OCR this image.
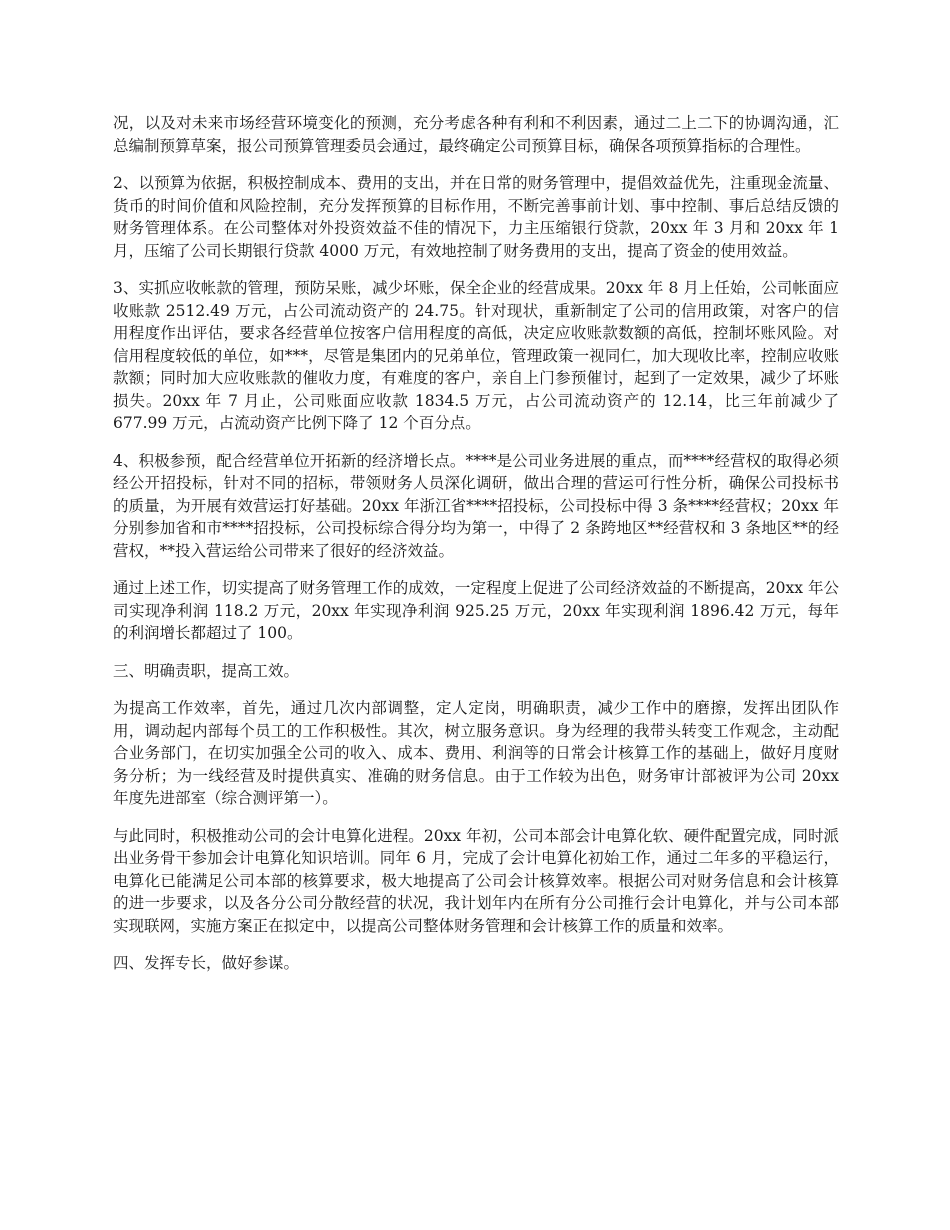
况，以及对未来市场经营环境变化的预测，充分考虑各种有利和不利因素，通过二上二下的协调沟通，汇总编制预算草案，报公司预算管理委员会通过，最终确定公司预算目标，确保各项预算指标的合理性。

2、以预算为依据，积极控制成本、费用的支出，并在日常的财务管理中，提倡效益优先，注重现金流量、货币的时间价值和风险控制，充分发挥预算的目标作用，不断完善事前计划、事中控制、事后总结反馈的财务管理体系。在公司整体对外投资效益不佳的情况下，力主压缩银行贷款，20xx 年 3 月和 20xx 年 1 月，压缩了公司长期银行贷款 4000 万元，有效地控制了财务费用的支出，提高了资金的使用效益。

3、实抓应收帐款的管理，预防呆账，减少坏账，保全企业的经营成果。20xx 年 8 月上任始，公司帐面应收账款 2512.49 万元，占公司流动资产的 24.75。针对现状，重新制定了公司的信用政策，对客户的信用程度作出评估，要求各经营单位按客户信用程度的高低，决定应收账款数额的高低，控制坏账风险。对信用程度较低的单位，如***，尽管是集团内的兄弟单位，管理政策一视同仁，加大现收比率，控制应收账款额；同时加大应收账款的催收力度，有难度的客户，亲自上门参预催讨，起到了一定效果，减少了坏账损失。20xx 年 7 月止，公司账面应收款 1834.5 万元，占公司流动资产的 12.14，比三年前减少了 677.99 万元，占流动资产比例下降了 12 个百分点。

4、积极参预，配合经营单位开拓新的经济增长点。****是公司业务进展的重点，而****经营权的取得必须经公开招投标，针对不同的招标，带领财务人员深化调研，做出合理的营运可行性分析，确保公司投标书的质量，为开展有效营运打好基础。20xx 年浙江省****招投标，公司投标中得 3 条****经营权；20xx 年分别参加省和市****招投标，公司投标综合得分均为第一，中得了 2 条跨地区**经营权和 3 条地区**的经营权，**投入营运给公司带来了很好的经济效益。

通过上述工作，切实提高了财务管理工作的成效，一定程度上促进了公司经济效益的不断提高，20xx 年公司实现净利润 118.2 万元，20xx 年实现净利润 925.25 万元，20xx 年实现利润 1896.42 万元，每年的利润增长都超过了 100。

三、明确责职，提高工效。

为提高工作效率，首先，通过几次内部调整，定人定岗，明确职责，减少工作中的磨擦，发挥出团队作用，调动起内部每个员工的工作积极性。其次，树立服务意识。身为经理的我带头转变工作观念，主动配合业务部门，在切实加强全公司的收入、成本、费用、利润等的日常会计核算工作的基础上，做好月度财务分析；为一线经营及时提供真实、准确的财务信息。由于工作较为出色，财务审计部被评为公司 20xx 年度先进部室（综合测评第一）。

与此同时，积极推动公司的会计电算化进程。20xx 年初，公司本部会计电算化软、硬件配置完成，同时派出业务骨干参加会计电算化知识培训。同年 6 月，完成了会计电算化初始工作，通过二年多的平稳运行，电算化已能满足公司本部的核算要求，极大地提高了公司会计核算效率。根据公司对财务信息和会计核算的进一步要求，以及各分公司分散经营的状况，我计划年内在所有分公司推行会计电算化，并与公司本部实现联网，实施方案正在拟定中，以提高公司整体财务管理和会计核算工作的质量和效率。

四、发挥专长，做好参谋。
